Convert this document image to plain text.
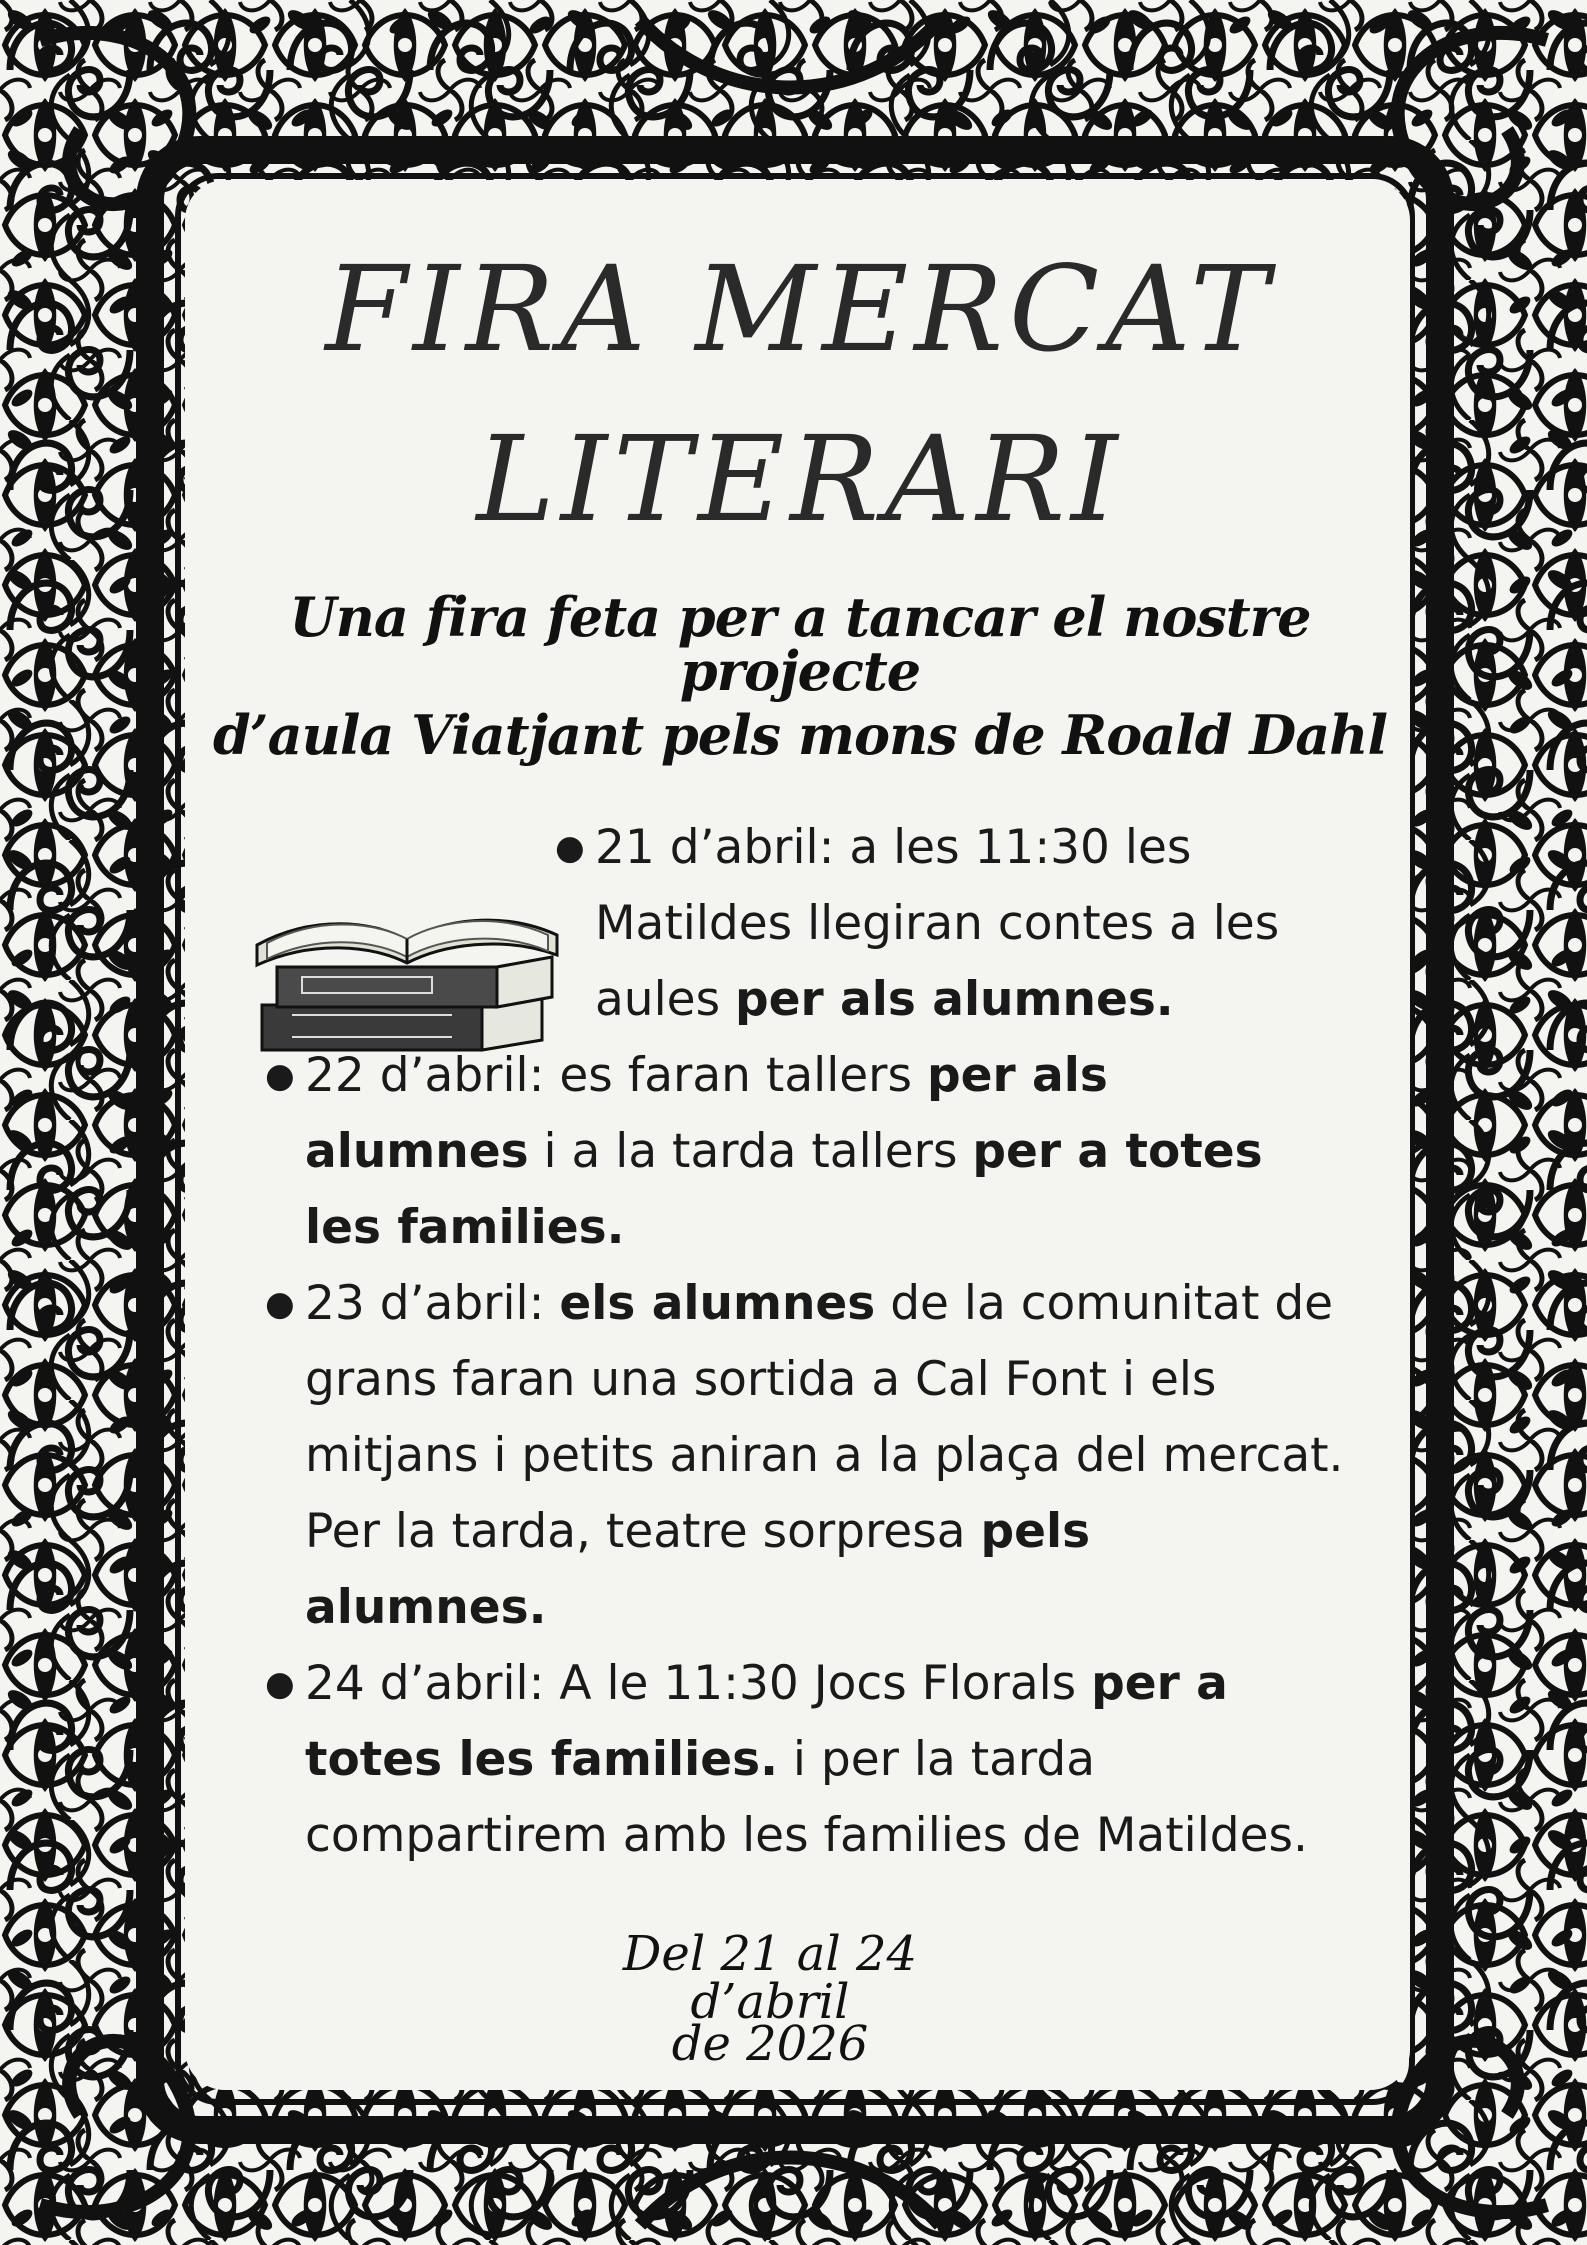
FIRA MERCAT
LITERARI
Una fira feta per a tancar el nostre projecte
d’aula Viatjant pels mons de Roald Dahl

● 21 d’abril: a les 11:30 les Matildes llegiran contes a les aules per als alumnes.

● 22 d’abril: es faran tallers per als alumnes i a la tarda tallers per a totes les families.

● 23 d’abril: els alumnes de la comunitat de grans faran una sortida a Cal Font i els mitjans i petits aniran a la plaça del mercat. Per la tarda, teatre sorpresa pels alumnes.

● 24 d’abril: A le 11:30 Jocs Florals per a totes les families. i per la tarda compartirem amb les families de Matildes.

Del 21 al 24 d’abril
de 2026
